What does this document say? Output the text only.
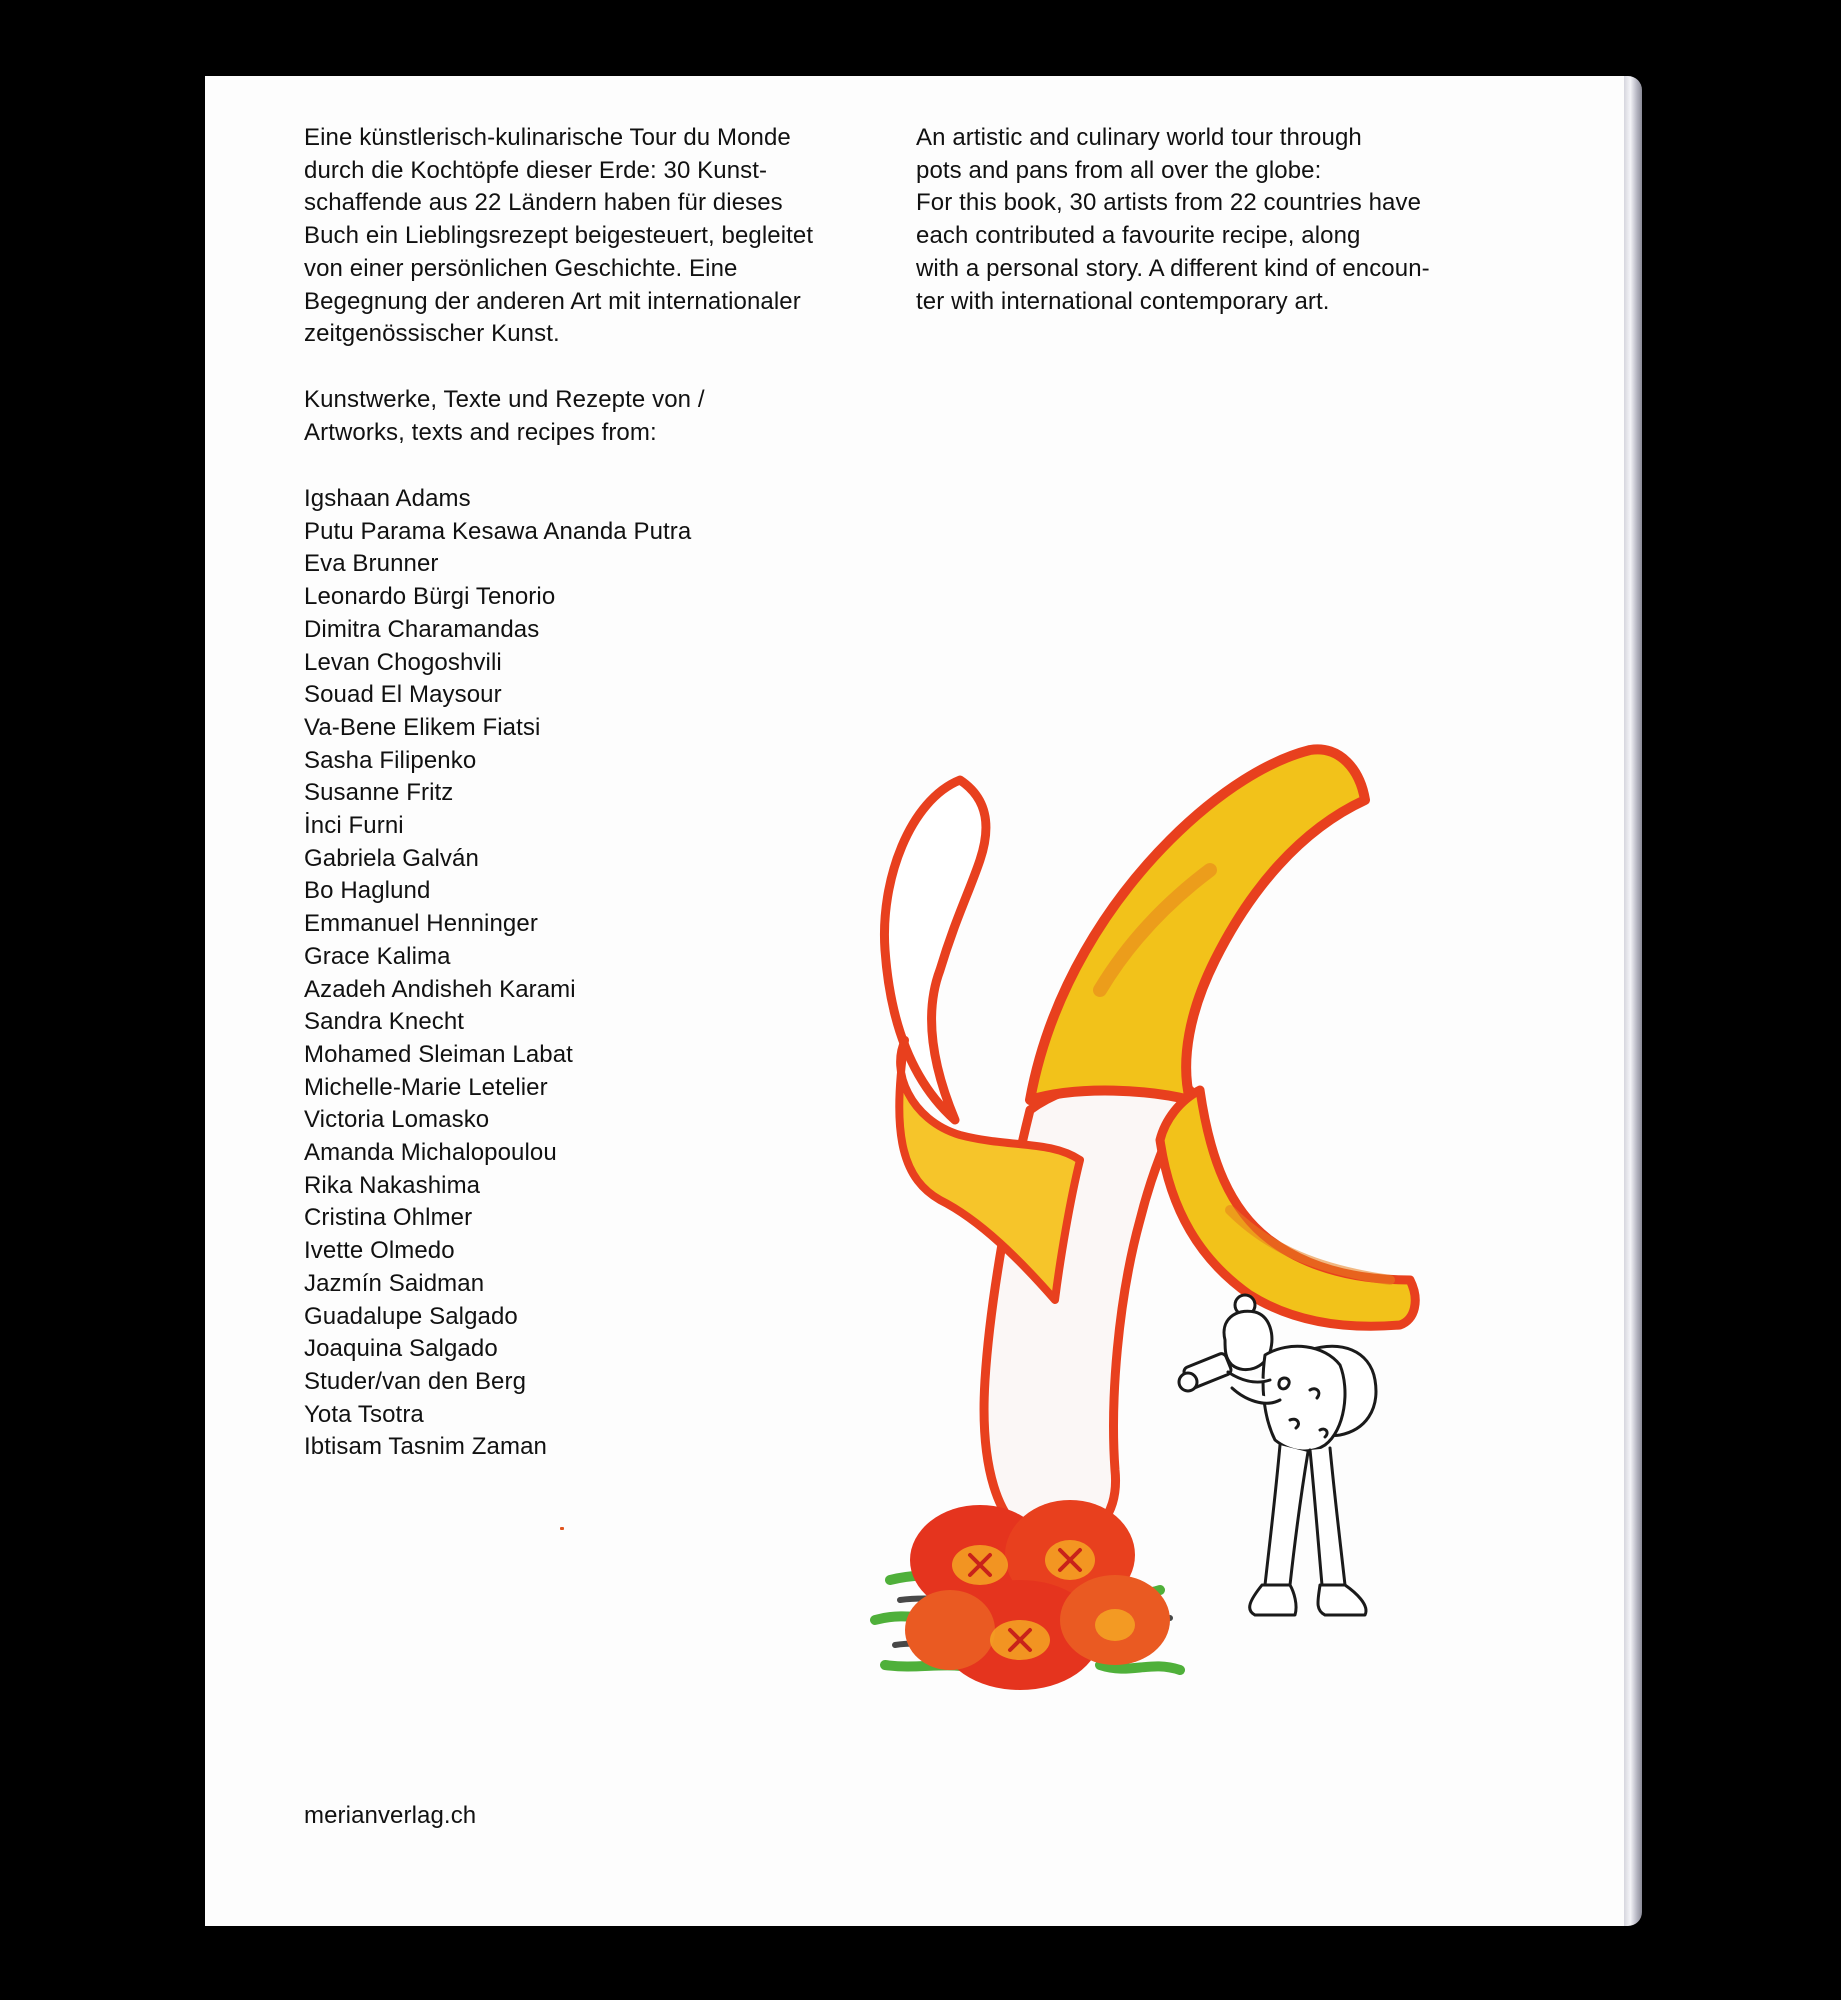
Eine künstlerisch-kulinarische Tour du Monde
durch die Kochtöpfe dieser Erde: 30 Kunst-
schaffende aus 22 Ländern haben für dieses
Buch ein Lieblingsrezept beigesteuert, begleitet
von einer persönlichen Geschichte. Eine
Begegnung der anderen Art mit internationaler
zeitgenössischer Kunst.
An artistic and culinary world tour through
pots and pans from all over the globe:
For this book, 30 artists from 22 countries have
each contributed a favourite recipe, along
with a personal story. A different kind of encoun-
ter with international contemporary art.
Kunstwerke, Texte und Rezepte von /
Artworks, texts and recipes from:
Igshaan Adams
Putu Parama Kesawa Ananda Putra
Eva Brunner
Leonardo Bürgi Tenorio
Dimitra Charamandas
Levan Chogoshvili
Souad El Maysour
Va-Bene Elikem Fiatsi
Sasha Filipenko
Susanne Fritz
İnci Furni
Gabriela Galván
Bo Haglund
Emmanuel Henninger
Grace Kalima
Azadeh Andisheh Karami
Sandra Knecht
Mohamed Sleiman Labat
Michelle-Marie Letelier
Victoria Lomasko
Amanda Michalopoulou
Rika Nakashima
Cristina Ohlmer
Ivette Olmedo
Jazmín Saidman
Guadalupe Salgado
Joaquina Salgado
Studer/van den Berg
Yota Tsotra
Ibtisam Tasnim Zaman
merianverlag.ch
